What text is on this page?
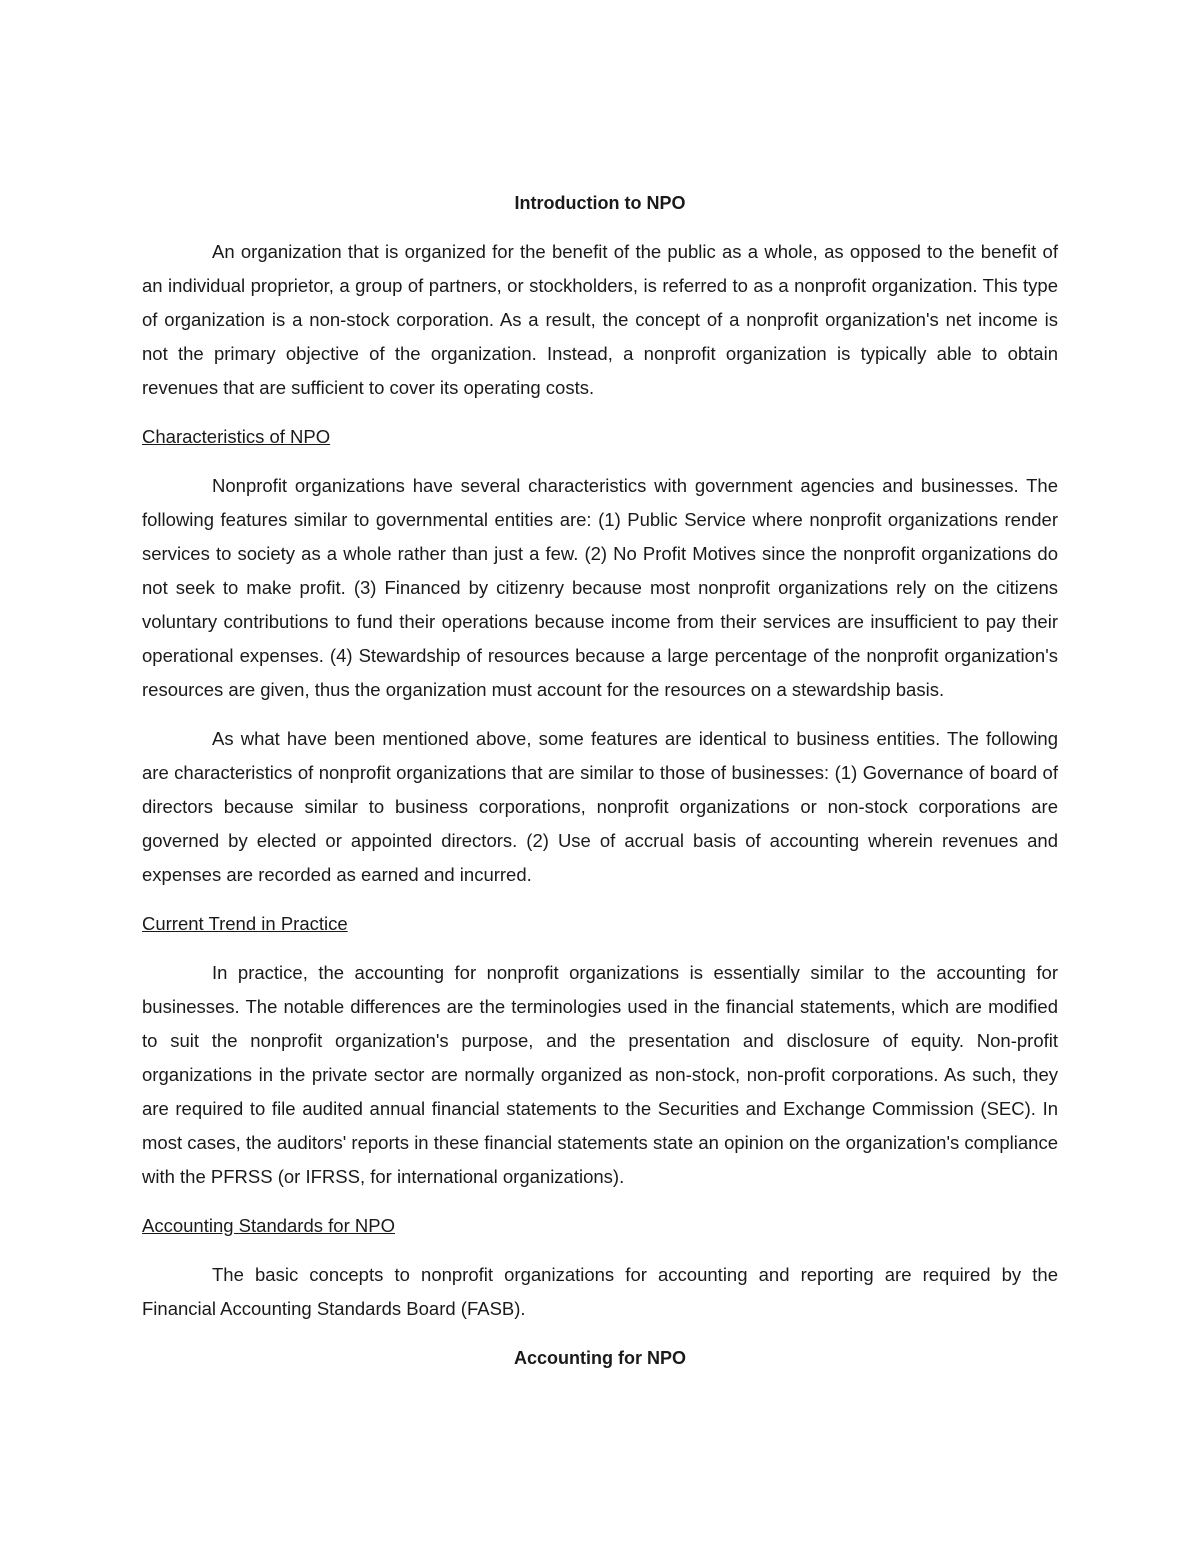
Introduction to NPO

An organization that is organized for the benefit of the public as a whole, as opposed to the benefit of an individual proprietor, a group of partners, or stockholders, is referred to as a nonprofit organization. This type of organization is a non-stock corporation. As a result, the concept of a nonprofit organization's net income is not the primary objective of the organization. Instead, a nonprofit organization is typically able to obtain revenues that are sufficient to cover its operating costs.

Characteristics of NPO

Nonprofit organizations have several characteristics with government agencies and businesses. The following features similar to governmental entities are: (1) Public Service where nonprofit organizations render services to society as a whole rather than just a few. (2) No Profit Motives since the nonprofit organizations do not seek to make profit. (3) Financed by citizenry because most nonprofit organizations rely on the citizens voluntary contributions to fund their operations because income from their services are insufficient to pay their operational expenses. (4) Stewardship of resources because a large percentage of the nonprofit organization's resources are given, thus the organization must account for the resources on a stewardship basis.

As what have been mentioned above, some features are identical to business entities. The following are characteristics of nonprofit organizations that are similar to those of businesses: (1) Governance of board of directors because similar to business corporations, nonprofit organizations or non-stock corporations are governed by elected or appointed directors. (2) Use of accrual basis of accounting wherein revenues and expenses are recorded as earned and incurred.

Current Trend in Practice

In practice, the accounting for nonprofit organizations is essentially similar to the accounting for businesses. The notable differences are the terminologies used in the financial statements, which are modified to suit the nonprofit organization's purpose, and the presentation and disclosure of equity. Non-profit organizations in the private sector are normally organized as non-stock, non-profit corporations. As such, they are required to file audited annual financial statements to the Securities and Exchange Commission (SEC). In most cases, the auditors' reports in these financial statements state an opinion on the organization's compliance with the PFRSS (or IFRSS, for international organizations).

Accounting Standards for NPO

The basic concepts to nonprofit organizations for accounting and reporting are required by the Financial Accounting Standards Board (FASB).

Accounting for NPO
